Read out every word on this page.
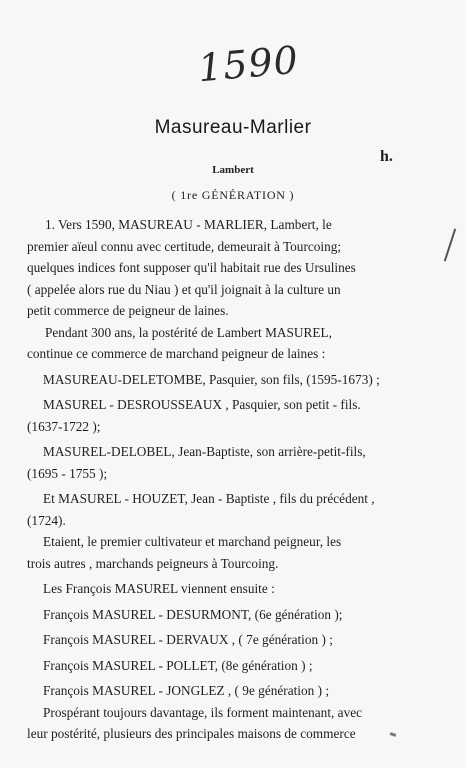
1590
Masureau-Marlier
h.
Lambert
( 1re GÉNÉRATION )
1. Vers 1590, MASUREAU - MARLIER, Lambert, le
premier aïeul connu avec certitude, demeurait à Tourcoing;
quelques indices font supposer qu'il habitait rue des Ursulines
( appelée alors rue du Niau ) et qu'il joignait à la culture un
petit commerce de peigneur de laines.
Pendant 300 ans, la postérité de Lambert MASUREL,
continue ce commerce de marchand peigneur de laines :
MASUREAU-DELETOMBE, Pasquier, son fils, (1595-1673) ;
MASUREL - DESROUSSEAUX , Pasquier, son petit - fils.
(1637-1722 );
MASUREL-DELOBEL, Jean-Baptiste, son arrière-petit-fils,
(1695 - 1755 );
Et MASUREL - HOUZET, Jean - Baptiste , fils du précédent ,
(1724).
Etaient, le premier cultivateur et marchand peigneur, les
trois autres , marchands peigneurs à Tourcoing.
Les François MASUREL viennent ensuite :
François MASUREL - DESURMONT, (6e génération );
François MASUREL - DERVAUX , ( 7e génération ) ;
François MASUREL - POLLET, (8e génération ) ;
François MASUREL - JONGLEZ , ( 9e génération ) ;
Prospérant toujours davantage, ils forment maintenant, avec
leur postérité, plusieurs des principales maisons de commerce
